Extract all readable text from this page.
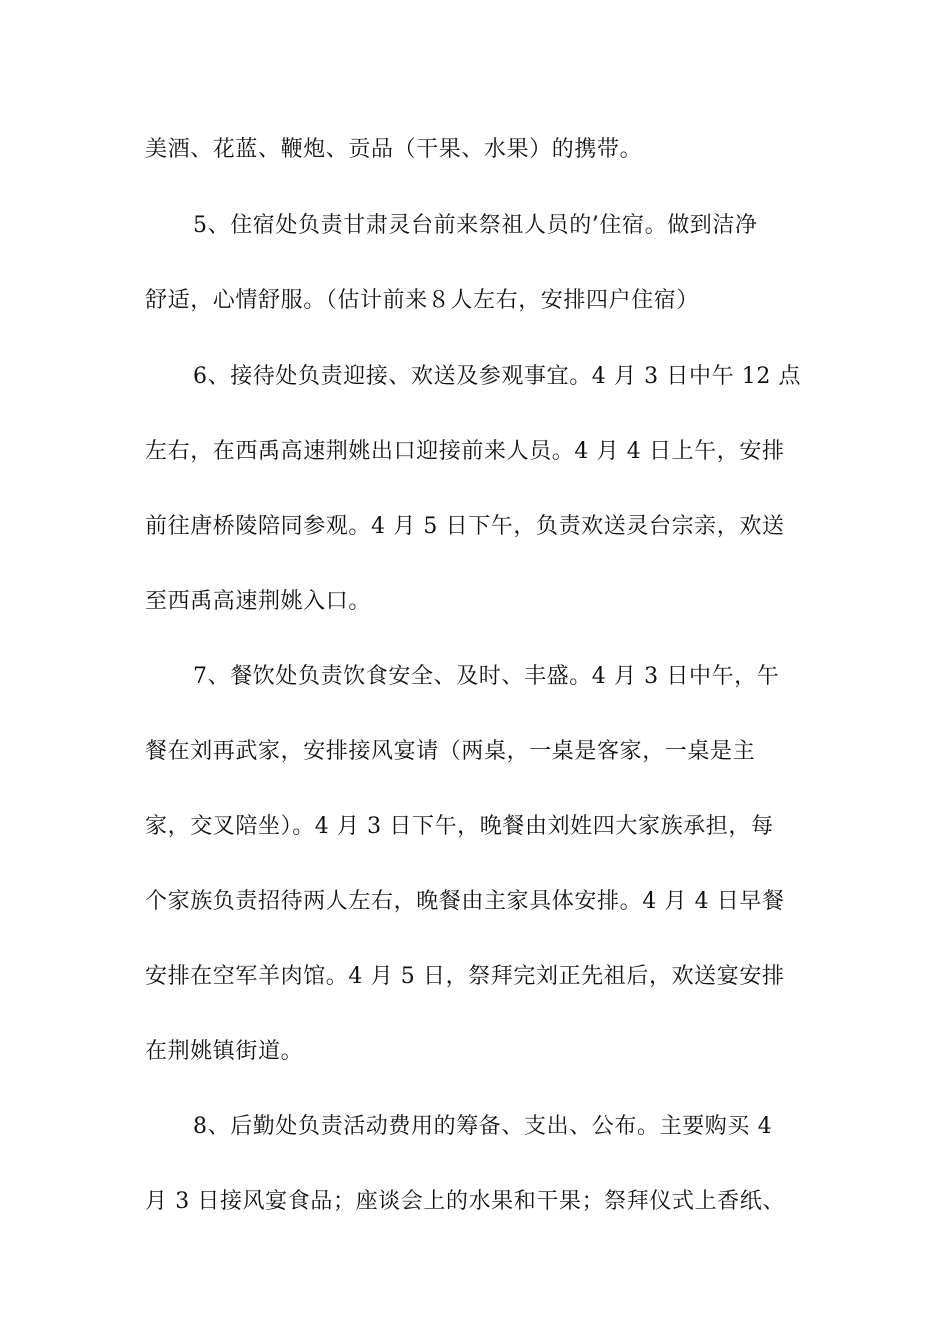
美酒、花蓝、鞭炮、贡品（干果、水果）的携带。
5、住宿处负责甘肃灵台前来祭祖人员的’住宿。做到洁净
舒适，心情舒服。（估计前来８人左右，安排四户住宿）
6、接待处负责迎接、欢送及参观事宜。4 月 3 日中午 12 点
左右，在西禹高速荆姚出口迎接前来人员。4 月 4 日上午，安排
前往唐桥陵陪同参观。4 月 5 日下午，负责欢送灵台宗亲，欢送
至西禹高速荆姚入口。
7、餐饮处负责饮食安全、及时、丰盛。4 月 3 日中午，午
餐在刘再武家，安排接风宴请（两桌，一桌是客家，一桌是主
家，交叉陪坐）。4 月 3 日下午，晚餐由刘姓四大家族承担，每
个家族负责招待两人左右，晚餐由主家具体安排。4 月 4 日早餐
安排在空军羊肉馆。4 月 5 日，祭拜完刘正先祖后，欢送宴安排
在荆姚镇街道。
8、后勤处负责活动费用的筹备、支出、公布。主要购买 4
月 3 日接风宴食品；座谈会上的水果和干果；祭拜仪式上香纸、
